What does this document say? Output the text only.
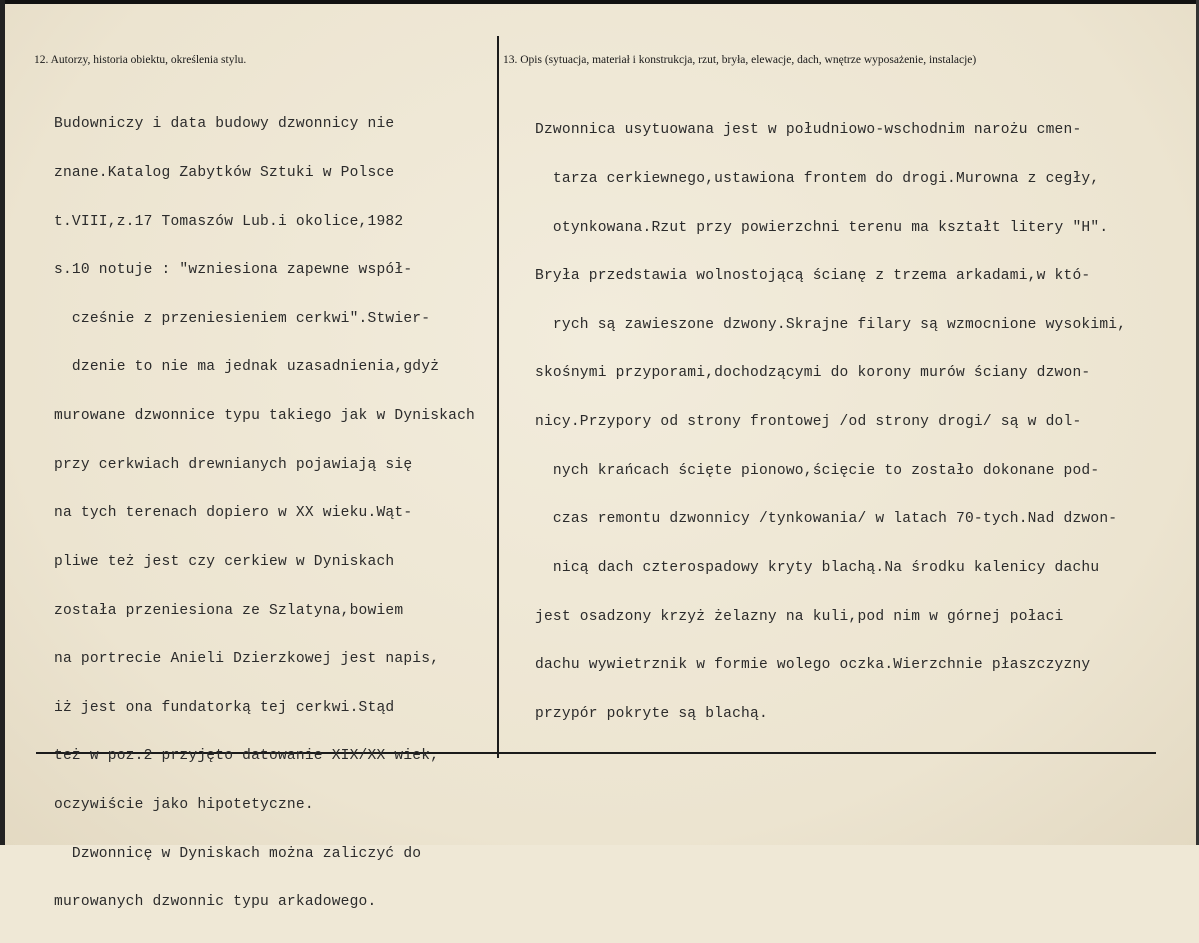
12. Autorzy, historia obiektu, określenia stylu.	13. Opis (sytuacja, materiał i konstrukcja, rzut, bryła, elewacje, dach, wnętrze wyposażenie, instalacje)

Budowniczy i data budowy dzwonnicy nie

znane.Katalog Zabytków Sztuki w Polsce

t.VIII,z.17 Tomaszów Lub.i okolice,1982

s.10 notuje : "wzniesiona zapewne współ-

cześnie z przeniesieniem cerkwi".Stwier-

dzenie to nie ma jednak uzasadnienia,gdyż

murowane dzwonnice typu takiego jak w Dyniskach

przy cerkwiach drewnianych pojawiają się

na tych terenach dopiero w XX wieku.Wąt-

pliwe też jest czy cerkiew w Dyniskach

została przeniesiona ze Szlatyna,bowiem

na portrecie Anieli Dzierzkowej jest napis,

iż jest ona fundatorką tej cerkwi.Stąd

też w poz.2 przyjęto datowanie XIX/XX wiek,

oczywiście jako hipotetyczne.

Dzwonnicę w Dyniskach można zaliczyć do

murowanych dzwonnic typu arkadowego.

Dzwonnica usytuowana jest w południowo-wschodnim narożu cmen-

tarza cerkiewnego,ustawiona frontem do drogi.Murowna z cegły,

otynkowana.Rzut przy powierzchni terenu ma kształt litery "H".

Bryła przedstawia wolnostojącą ścianę z trzema arkadami,w któ-

rych są zawieszone dzwony.Skrajne filary są wzmocnione wysokimi,

skośnymi przyporami,dochodzącymi do korony murów ściany dzwon-

nicy.Przypory od strony frontowej /od strony drogi/ są w dol-

nych krańcach ścięte pionowo,ścięcie to zostało dokonane pod-

czas remontu dzwonnicy /tynkowania/ w latach 70-tych.Nad dzwon-

nicą dach czterospadowy kryty blachą.Na środku kalenicy dachu

jest osadzony krzyż żelazny na kuli,pod nim w górnej połaci

dachu wywietrznik w formie wolego oczka.Wierzchnie płaszczyzny

przypór pokryte są blachą.
